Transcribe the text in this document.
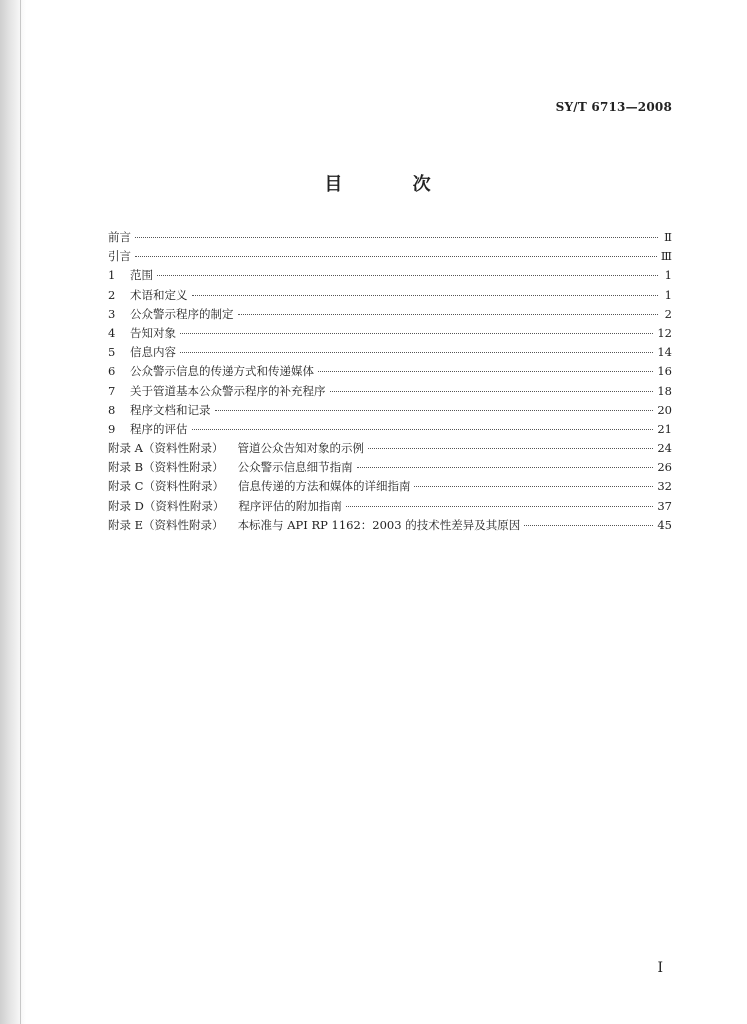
SY/T 6713—2008
目 次
前言	Ⅱ
引言	Ⅲ
1	范围	1
2	术语和定义	1
3	公众警示程序的制定	2
4	告知对象	12
5	信息内容	14
6	公众警示信息的传递方式和传递媒体	16
7	关于管道基本公众警示程序的补充程序	18
8	程序文档和记录	20
9	程序的评估	21
附录 A（资料性附录） 管道公众告知对象的示例	24
附录 B（资料性附录） 公众警示信息细节指南	26
附录 C（资料性附录） 信息传递的方法和媒体的详细指南	32
附录 D（资料性附录） 程序评估的附加指南	37
附录 E（资料性附录） 本标准与 API RP 1162：2003 的技术性差异及其原因	45
I
